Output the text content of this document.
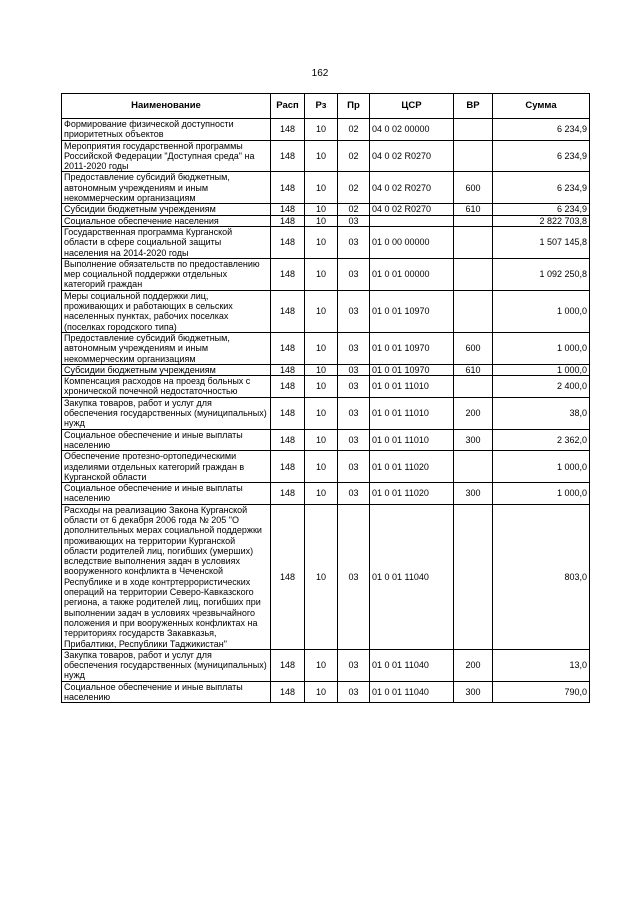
162
Наименование	Расп	Рз	Пр	ЦСР	ВР	Сумма
Формирование физической доступности приоритетных объектов	148	10	02	04 0 02 00000		6 234,9
Мероприятия государственной программы Российской Федерации "Доступная среда" на 2011-2020 годы	148	10	02	04 0 02 R0270		6 234,9
Предоставление субсидий бюджетным, автономным учреждениям и иным некоммерческим организациям	148	10	02	04 0 02 R0270	600	6 234,9
Субсидии бюджетным учреждениям	148	10	02	04 0 02 R0270	610	6 234,9
Социальное обеспечение населения	148	10	03			2 822 703,8
Государственная программа Курганской области в сфере социальной защиты населения на 2014-2020 годы	148	10	03	01 0 00 00000		1 507 145,8
Выполнение обязательств по предоставлению мер социальной поддержки отдельных категорий граждан	148	10	03	01 0 01 00000		1 092 250,8
Меры социальной поддержки лиц, проживающих и работающих в сельских населенных пунктах, рабочих поселках (поселках городского типа)	148	10	03	01 0 01 10970		1 000,0
Предоставление субсидий бюджетным, автономным учреждениям и иным некоммерческим организациям	148	10	03	01 0 01 10970	600	1 000,0
Субсидии бюджетным учреждениям	148	10	03	01 0 01 10970	610	1 000,0
Компенсация расходов на проезд больных с хронической почечной недостаточностью	148	10	03	01 0 01 11010		2 400,0
Закупка товаров, работ и услуг для обеспечения государственных (муниципальных) нужд	148	10	03	01 0 01 11010	200	38,0
Социальное обеспечение и иные выплаты населению	148	10	03	01 0 01 11010	300	2 362,0
Обеспечение протезно-ортопедическими изделиями отдельных категорий граждан в Курганской области	148	10	03	01 0 01 11020		1 000,0
Социальное обеспечение и иные выплаты населению	148	10	03	01 0 01 11020	300	1 000,0
Расходы на реализацию Закона Курганской области от 6 декабря 2006 года № 205 "О дополнительных мерах социальной поддержки проживающих на территории Курганской области родителей лиц, погибших (умерших) вследствие выполнения задач в условиях вооруженного конфликта в Чеченской Республике и в ходе контртеррористических операций на территории Северо-Кавказского региона, а также родителей лиц, погибших при выполнении задач в условиях чрезвычайного положения и при вооруженных конфликтах на территориях государств Закавказья, Прибалтики, Республики Таджикистан"	148	10	03	01 0 01 11040		803,0
Закупка товаров, работ и услуг для обеспечения государственных (муниципальных) нужд	148	10	03	01 0 01 11040	200	13,0
Социальное обеспечение и иные выплаты населению	148	10	03	01 0 01 11040	300	790,0
